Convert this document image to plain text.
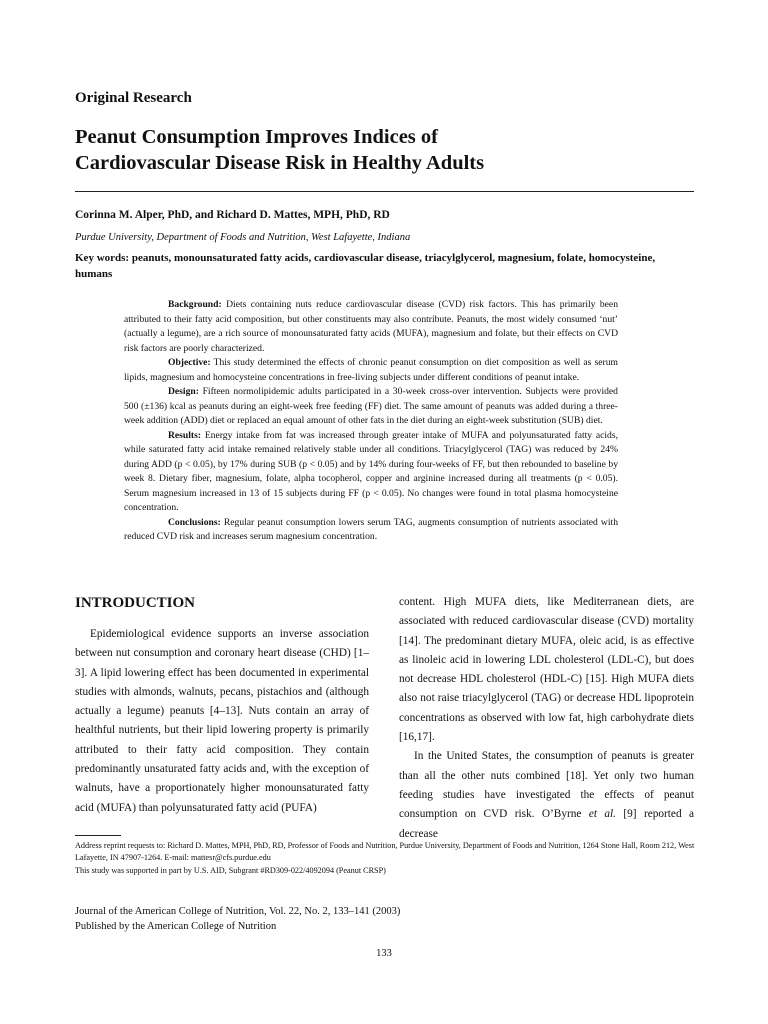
Original Research
Peanut Consumption Improves Indices of
Cardiovascular Disease Risk in Healthy Adults
Corinna M. Alper, PhD, and Richard D. Mattes, MPH, PhD, RD
Purdue University, Department of Foods and Nutrition, West Lafayette, Indiana
Key words: peanuts, monounsaturated fatty acids, cardiovascular disease, triacylglycerol, magnesium, folate, homocysteine, humans

Background: Diets containing nuts reduce cardiovascular disease (CVD) risk factors. This has primarily been attributed to their fatty acid composition, but other constituents may also contribute. Peanuts, the most widely consumed ‘nut’ (actually a legume), are a rich source of monounsaturated fatty acids (MUFA), magnesium and folate, but their effects on CVD risk factors are poorly characterized.

Objective: This study determined the effects of chronic peanut consumption on diet composition as well as serum lipids, magnesium and homocysteine concentrations in free-living subjects under different conditions of peanut intake.

Design: Fifteen normolipidemic adults participated in a 30-week cross-over intervention. Subjects were provided 500 (±136) kcal as peanuts during an eight-week free feeding (FF) diet. The same amount of peanuts was added during a three-week addition (ADD) diet or replaced an equal amount of other fats in the diet during an eight-week substitution (SUB) diet.

Results: Energy intake from fat was increased through greater intake of MUFA and polyunsaturated fatty acids, while saturated fatty acid intake remained relatively stable under all conditions. Triacylglycerol (TAG) was reduced by 24% during ADD (p < 0.05), by 17% during SUB (p < 0.05) and by 14% during four-weeks of FF, but then rebounded to baseline by week 8. Dietary fiber, magnesium, folate, alpha tocopherol, copper and arginine increased during all treatments (p < 0.05). Serum magnesium increased in 13 of 15 subjects during FF (p < 0.05). No changes were found in total plasma homocysteine concentration.

Conclusions: Regular peanut consumption lowers serum TAG, augments consumption of nutrients associated with reduced CVD risk and increases serum magnesium concentration.

INTRODUCTION

Epidemiological evidence supports an inverse association between nut consumption and coronary heart disease (CHD) [1–3]. A lipid lowering effect has been documented in experimental studies with almonds, walnuts, pecans, pistachios and (although actually a legume) peanuts [4–13]. Nuts contain an array of healthful nutrients, but their lipid lowering property is primarily attributed to their fatty acid composition. They contain predominantly unsaturated fatty acids and, with the exception of walnuts, have a proportionately higher monounsaturated fatty acid (MUFA) than polyunsaturated fatty acid (PUFA)

content. High MUFA diets, like Mediterranean diets, are associated with reduced cardiovascular disease (CVD) mortality [14]. The predominant dietary MUFA, oleic acid, is as effective as linoleic acid in lowering LDL cholesterol (LDL-C), but does not decrease HDL cholesterol (HDL-C) [15]. High MUFA diets also not raise triacylglycerol (TAG) or decrease HDL lipoprotein concentrations as observed with low fat, high carbohydrate diets [16,17].

In the United States, the consumption of peanuts is greater than all the other nuts combined [18]. Yet only two human feeding studies have investigated the effects of peanut consumption on CVD risk. O’Byrne et al. [9] reported a decrease

Address reprint requests to: Richard D. Mattes, MPH, PhD, RD, Professor of Foods and Nutrition, Purdue University, Department of Foods and Nutrition, 1264 Stone Hall, Room 212, West Lafayette, IN 47907-1264. E-mail: mattesr@cfs.purdue.edu
This study was supported in part by U.S. AID, Subgrant #RD309-022/4092094 (Peanut CRSP)
Journal of the American College of Nutrition, Vol. 22, No. 2, 133–141 (2003)
Published by the American College of Nutrition
133
